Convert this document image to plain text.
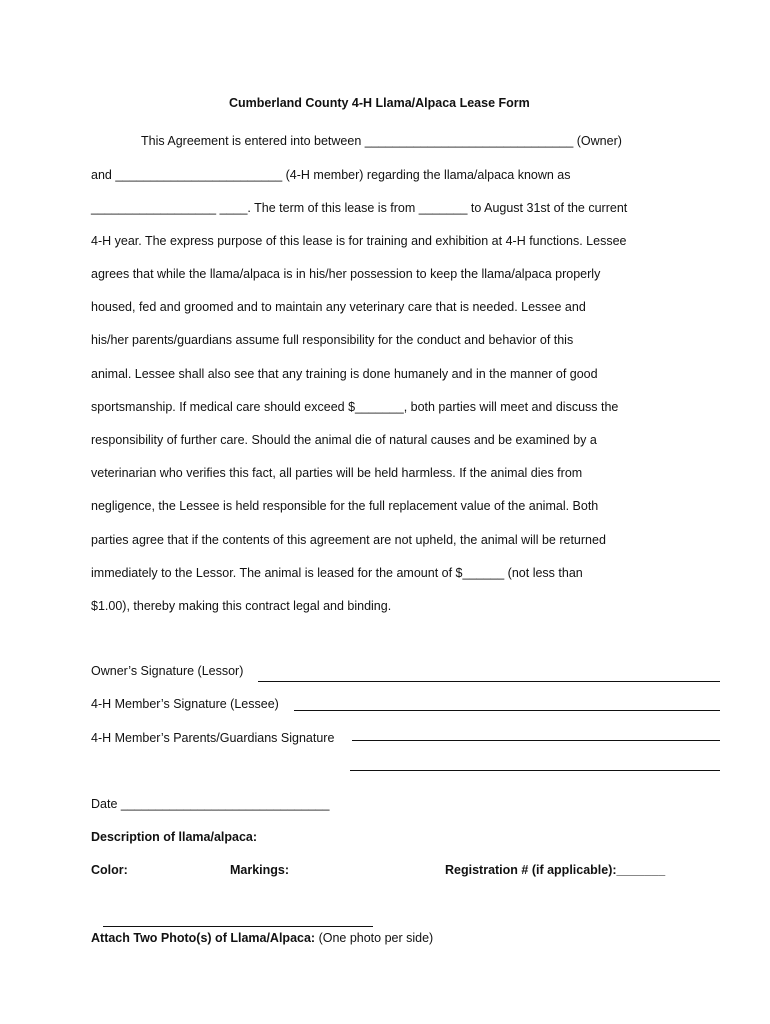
Cumberland County 4-H Llama/Alpaca Lease Form
This Agreement is entered into between ______________________________ (Owner)
and ________________________ (4-H member) regarding the llama/alpaca known as
__________________ ____. The term of this lease is from _______ to August 31st of the current
4-H year. The express purpose of this lease is for training and exhibition at 4-H functions. Lessee
agrees that while the llama/alpaca is in his/her possession to keep the llama/alpaca properly
housed, fed and groomed and to maintain any veterinary care that is needed. Lessee and
his/her parents/guardians assume full responsibility for the conduct and behavior of this
animal. Lessee shall also see that any training is done humanely and in the manner of good
sportsmanship. If medical care should exceed $_______, both parties will meet and discuss the
responsibility of further care. Should the animal die of natural causes and be examined by a
veterinarian who verifies this fact, all parties will be held harmless. If the animal dies from
negligence, the Lessee is held responsible for the full replacement value of the animal. Both
parties agree that if the contents of this agreement are not upheld, the animal will be returned
immediately to the Lessor. The animal is leased for the amount of $______ (not less than
$1.00), thereby making this contract legal and binding.
Owner’s Signature (Lessor)
4-H Member’s Signature (Lessee)
4-H Member’s Parents/Guardians Signature
Date ______________________________
Description of llama/alpaca:
Color:	Markings:	Registration # (if applicable):_______
Attach Two Photo(s) of Llama/Alpaca: (One photo per side)
